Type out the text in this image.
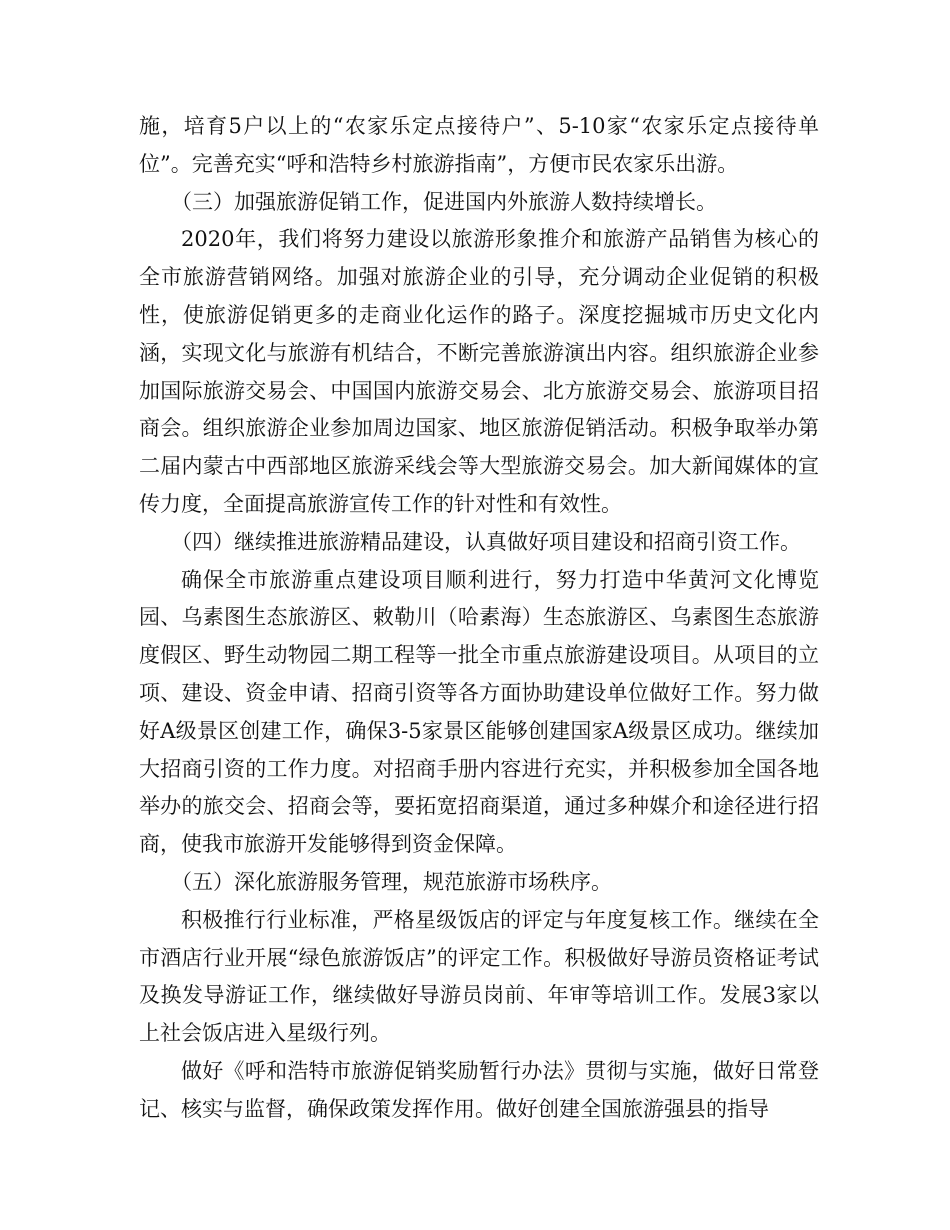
施，培育5户以上的“农家乐定点接待户”、5-10家“农家乐定点接待单位”。完善充实“呼和浩特乡村旅游指南”，方便市民农家乐出游。

（三）加强旅游促销工作，促进国内外旅游人数持续增长。

2020年，我们将努力建设以旅游形象推介和旅游产品销售为核心的全市旅游营销网络。加强对旅游企业的引导，充分调动企业促销的积极性，使旅游促销更多的走商业化运作的路子。深度挖掘城市历史文化内涵，实现文化与旅游有机结合，不断完善旅游演出内容。组织旅游企业参加国际旅游交易会、中国国内旅游交易会、北方旅游交易会、旅游项目招商会。组织旅游企业参加周边国家、地区旅游促销活动。积极争取举办第二届内蒙古中西部地区旅游采线会等大型旅游交易会。加大新闻媒体的宣传力度，全面提高旅游宣传工作的针对性和有效性。

（四）继续推进旅游精品建设，认真做好项目建设和招商引资工作。

确保全市旅游重点建设项目顺利进行，努力打造中华黄河文化博览园、乌素图生态旅游区、敕勒川（哈素海）生态旅游区、乌素图生态旅游度假区、野生动物园二期工程等一批全市重点旅游建设项目。从项目的立项、建设、资金申请、招商引资等各方面协助建设单位做好工作。努力做好A级景区创建工作，确保3-5家景区能够创建国家A级景区成功。继续加大招商引资的工作力度。对招商手册内容进行充实，并积极参加全国各地举办的旅交会、招商会等，要拓宽招商渠道，通过多种媒介和途径进行招商，使我市旅游开发能够得到资金保障。

（五）深化旅游服务管理，规范旅游市场秩序。

积极推行行业标准，严格星级饭店的评定与年度复核工作。继续在全市酒店行业开展“绿色旅游饭店”的评定工作。积极做好导游员资格证考试及换发导游证工作，继续做好导游员岗前、年审等培训工作。发展3家以上社会饭店进入星级行列。

做好《呼和浩特市旅游促销奖励暂行办法》贯彻与实施，做好日常登记、核实与监督，确保政策发挥作用。做好创建全国旅游强县的指导
